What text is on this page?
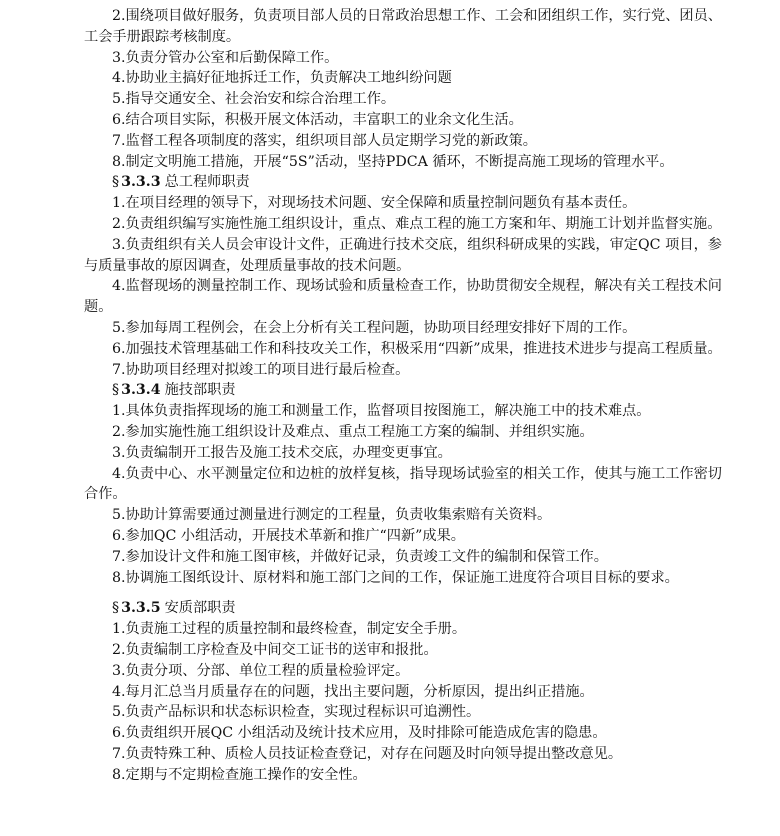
2.围绕项目做好服务，负责项目部人员的日常政治思想工作、工会和团组织工作，实行党、团员、工会手册跟踪考核制度。

3.负责分管办公室和后勤保障工作。

4.协助业主搞好征地拆迁工作，负责解决工地纠纷问题

5.指导交通安全、社会治安和综合治理工作。

6.结合项目实际，积极开展文体活动，丰富职工的业余文化生活。

7.监督工程各项制度的落实，组织项目部人员定期学习党的新政策。

8.制定文明施工措施，开展“5S”活动，坚持PDCA 循环，不断提高施工现场的管理水平。

§ 3.3.3 总工程师职责

1.在项目经理的领导下，对现场技术问题、安全保障和质量控制问题负有基本责任。

2.负责组织编写实施性施工组织设计，重点、难点工程的施工方案和年、期施工计划并监督实施。

3.负责组织有关人员会审设计文件，正确进行技术交底，组织科研成果的实践，审定QC 项目，参与质量事故的原因调查，处理质量事故的技术问题。

4.监督现场的测量控制工作、现场试验和质量检查工作，协助贯彻安全规程，解决有关工程技术问题。

5.参加每周工程例会，在会上分析有关工程问题，协助项目经理安排好下周的工作。

6.加强技术管理基础工作和科技攻关工作，积极采用“四新”成果，推进技术进步与提高工程质量。

7.协助项目经理对拟竣工的项目进行最后检查。

§ 3.3.4 施技部职责

1.具体负责指挥现场的施工和测量工作，监督项目按图施工，解决施工中的技术难点。

2.参加实施性施工组织设计及难点、重点工程施工方案的编制、并组织实施。

3.负责编制开工报告及施工技术交底，办理变更事宜。

4.负责中心、水平测量定位和边桩的放样复核，指导现场试验室的相关工作，使其与施工工作密切合作。

5.协助计算需要通过测量进行测定的工程量，负责收集索赔有关资料。

6.参加QC 小组活动，开展技术革新和推广“四新”成果。

7.参加设计文件和施工图审核，并做好记录，负责竣工文件的编制和保管工作。

8.协调施工图纸设计、原材料和施工部门之间的工作，保证施工进度符合项目目标的要求。

§ 3.3.5 安质部职责

1.负责施工过程的质量控制和最终检查，制定安全手册。

2.负责编制工序检查及中间交工证书的送审和报批。

3.负责分项、分部、单位工程的质量检验评定。

4.每月汇总当月质量存在的问题，找出主要问题，分析原因，提出纠正措施。

5.负责产品标识和状态标识检查，实现过程标识可追溯性。

6.负责组织开展QC 小组活动及统计技术应用，及时排除可能造成危害的隐患。

7.负责特殊工种、质检人员技证检查登记，对存在问题及时向领导提出整改意见。

8.定期与不定期检查施工操作的安全性。
